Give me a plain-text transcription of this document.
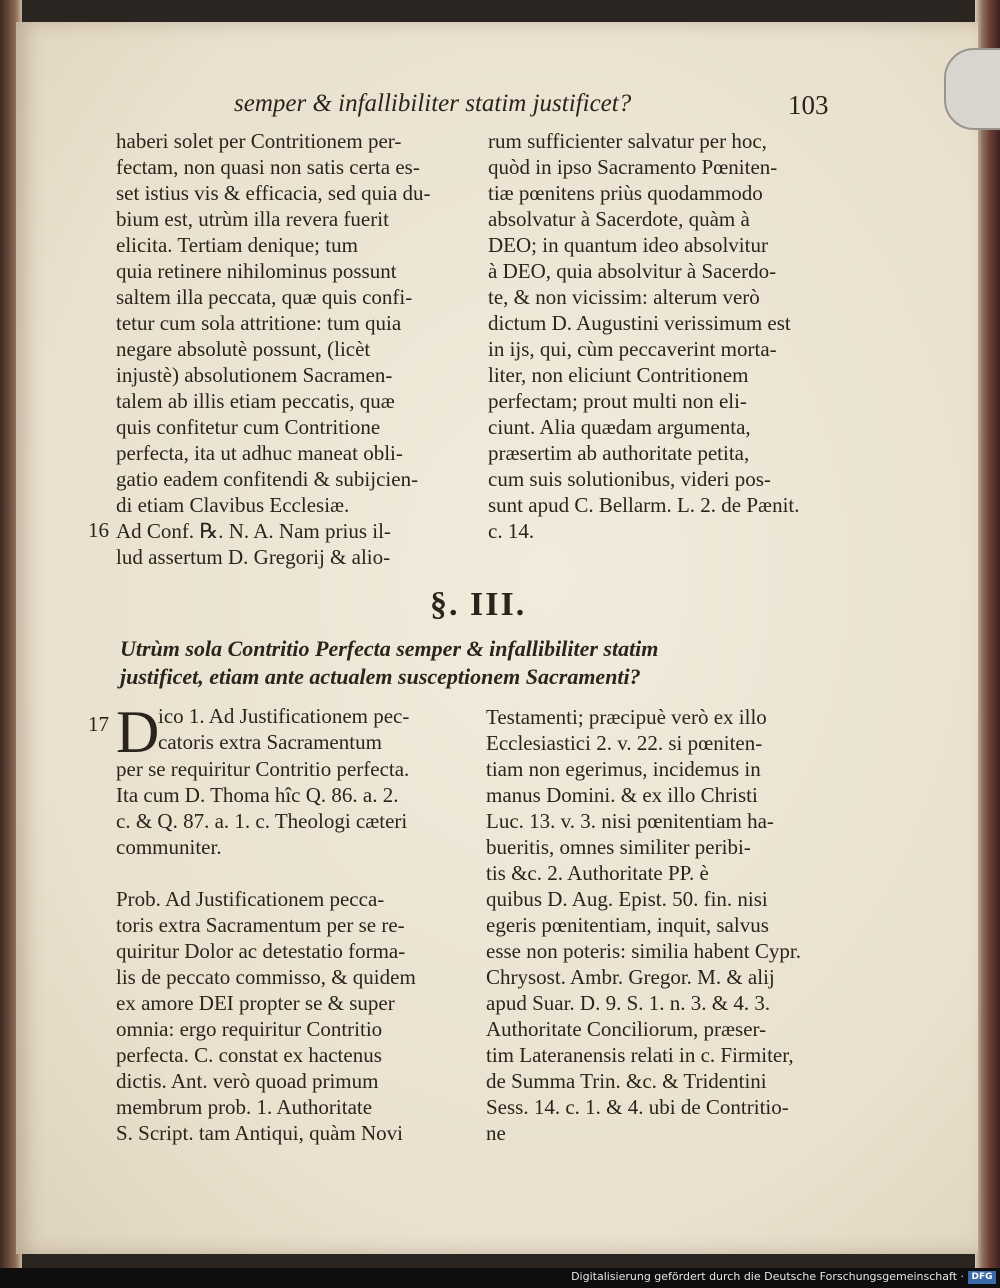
semper & infallibiliter statim justificet?	103
haberi solet per Contritionem per-
fectam, non quasi non satis certa es-
set istius vis & efficacia, sed quia du-
bium est, utrùm illa revera fuerit
elicita. Tertiam denique; tum
quia retinere nihilominus possunt
saltem illa peccata, quæ quis confi-
tetur cum sola attritione: tum quia
negare absolutè possunt, (licèt
injustè) absolutionem Sacramen-
talem ab illis etiam peccatis, quæ
quis confitetur cum Contritione
perfecta, ita ut adhuc maneat obli-
gatio eadem confitendi & subijcien-
di etiam Clavibus Ecclesiæ.
Ad Conf. ℞. N. A. Nam prius il-
lud assertum D. Gregorij & alio-
16
rum sufficienter salvatur per hoc,
quòd in ipso Sacramento Pœniten-
tiæ pœnitens priùs quodammodo
absolvatur à Sacerdote, quàm à
DEO; in quantum ideo absolvitur
à DEO, quia absolvitur à Sacerdo-
te, & non vicissim: alterum verò
dictum D. Augustini verissimum est
in ijs, qui, cùm peccaverint morta-
liter, non eliciunt Contritionem
perfectam; prout multi non eli-
ciunt. Alia quædam argumenta,
præsertim ab authoritate petita,
cum suis solutionibus, videri pos-
sunt apud C. Bellarm. L. 2. de Pænit.
c. 14.
§. III.
Utrùm sola Contritio Perfecta semper & infallibiliter statim
justificet, etiam ante actualem susceptionem Sacramenti?
17 D
ico 1. Ad Justificationem pec-
catoris extra Sacramentum
per se requiritur Contritio perfecta.
Ita cum D. Thoma hîc Q. 86. a. 2.
c. & Q. 87. a. 1. c. Theologi cæteri
communiter.
Prob. Ad Justificationem pecca-
toris extra Sacramentum per se re-
quiritur Dolor ac detestatio forma-
lis de peccato commisso, & quidem
ex amore DEI propter se & super
omnia: ergo requiritur Contritio
perfecta. C. constat ex hactenus
dictis. Ant. verò quoad primum
membrum prob. 1. Authoritate
S. Script. tam Antiqui, quàm Novi
Testamenti; præcipuè verò ex illo
Ecclesiastici 2. v. 22. si pœniten-
tiam non egerimus, incidemus in
manus Domini. & ex illo Christi
Luc. 13. v. 3. nisi pœnitentiam ha-
bueritis, omnes similiter peribi-
tis &c. 2. Authoritate PP. è
quibus D. Aug. Epist. 50. fin. nisi
egeris pœnitentiam, inquit, salvus
esse non poteris: similia habent Cypr.
Chrysost. Ambr. Gregor. M. & alij
apud Suar. D. 9. S. 1. n. 3. & 4. 3.
Authoritate Conciliorum, præser-
tim Lateranensis relati in c. Firmiter,
de Summa Trin. &c. & Tridentini
Sess. 14. c. 1. & 4. ubi de Contritio-
ne
Digitalisierung gefördert durch die Deutsche Forschungsgemeinschaft · DFG
